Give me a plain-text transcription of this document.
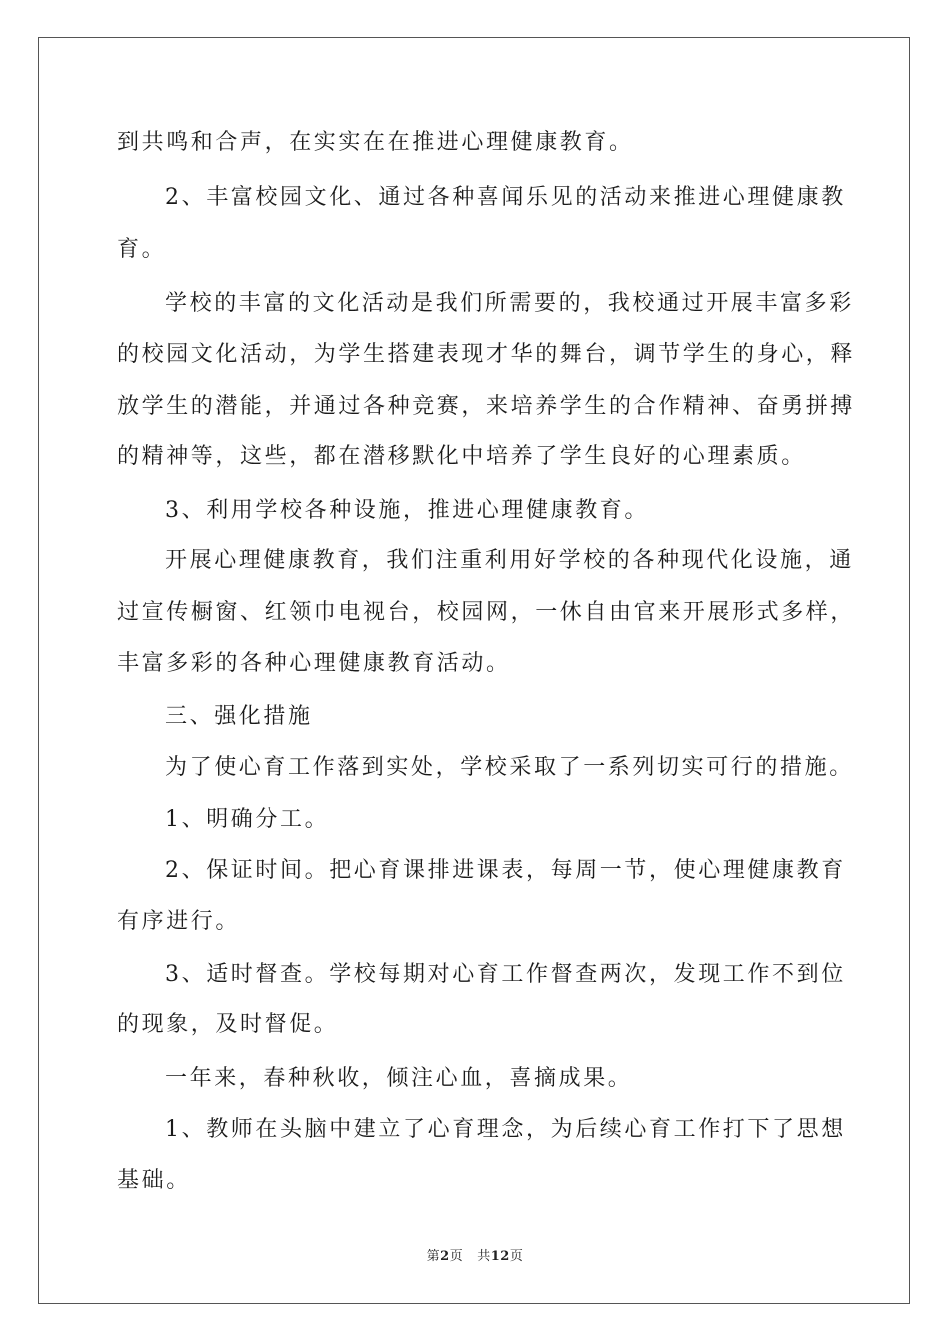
到共鸣和合声，在实实在在推进心理健康教育。
2、丰富校园文化、通过各种喜闻乐见的活动来推进心理健康教
育。
学校的丰富的文化活动是我们所需要的，我校通过开展丰富多彩
的校园文化活动，为学生搭建表现才华的舞台，调节学生的身心，释
放学生的潜能，并通过各种竞赛，来培养学生的合作精神、奋勇拼搏
的精神等，这些，都在潜移默化中培养了学生良好的心理素质。
3、利用学校各种设施，推进心理健康教育。
开展心理健康教育，我们注重利用好学校的各种现代化设施，通
过宣传橱窗、红领巾电视台，校园网，一休自由官来开展形式多样，
丰富多彩的各种心理健康教育活动。
三、强化措施
为了使心育工作落到实处，学校采取了一系列切实可行的措施。
1、明确分工。
2、保证时间。把心育课排进课表，每周一节，使心理健康教育
有序进行。
3、适时督查。学校每期对心育工作督查两次，发现工作不到位
的现象，及时督促。
一年来，春种秋收，倾注心血，喜摘成果。
1、教师在头脑中建立了心育理念，为后续心育工作打下了思想
基础。
第2页 共12页
